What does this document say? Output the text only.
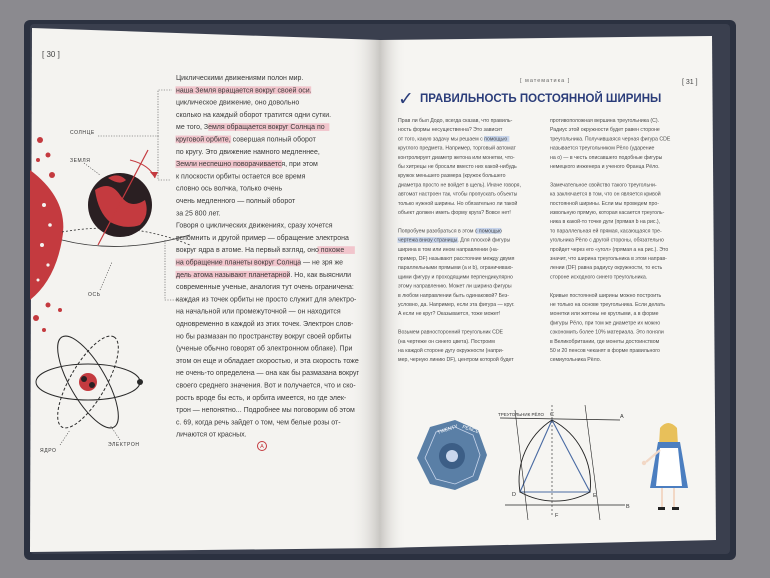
СОЛНЦЕ
ЗЕМЛЯ
ОСЬ
ЯДРО
ЭЛЕКТРОН	A
TWENTY PENCE
ТРЕУГОЛЬНИК РЁЛО	A
B
C
D	E
F
[ 30 ]
[ математика ]	[ 31 ]
✓ ПРАВИЛЬНОСТЬ ПОСТОЯННОЙ ШИРИНЫ
Циклическими движениями полон мир.
наша Земля вращается вокруг своей оси.
циклическое движение, оно довольно
сколько на каждый оборот тратится одни сутки.
ме того, Земля обращается вокруг Солнца по
круговой орбите, совершая полный оборот
по кругу. Это движение намного медленнее,
Земли неспешно поворачивается, при этом
к плоскости орбиты остается все время
словно ось волчка, только очень
очень медленного — полный оборот
за 25 800 лет.
Говоря о циклических движениях, сразу хочется
вспомнить и другой пример — обращение электрона
вокруг ядра в атоме. На первый взгляд, оно похоже
на обращение планеты вокруг Солнца — не зря же
дель атома называют планетарной. Но, как выяснили
современные ученые, аналогия тут очень ограничена:
каждая из точек орбиты не просто служит для электро-
на начальной или промежуточной — он находится
одновременно в каждой из этих точек. Электрон слов-
но бы размазан по пространству вокруг своей орбиты
(ученые обычно говорят об электронном облаке). При
этом он еще и обладает скоростью, и эта скорость тоже
не очень-то определена — она как бы размазана вокруг
своего среднего значения. Вот и получается, что и ско-
рость вроде бы есть, и орбита имеется, но где элек-
трон — непонятно... Подробнее мы поговорим об этом
с. 69, когда речь зайдет о том, чем белые розы от-
личаются от красных.
Прав ли был Додо, всегда сказав, что правиль-
ность формы несущественна? Это зависит
от того, какую задачу мы решаем с помощью
круглого предмета. Например, торговый автомат
контролирует диаметр жетона или монетки, что-
бы хитрецы не бросали вместо них какой-нибудь
кружок меньшего размера (кружок большего
диаметра просто не войдет в щель). Иначе говоря,
автомат настроен так, чтобы пропускать объекты
только нужной ширины. Но обязательно ли такой
объект должен иметь форму круга? Вовсе нет!
Попробуем разобраться в этом с помощью
чертежа внизу страницы. Для плоской фигуры
ширина в том или ином направлении (на-
пример, DF) называют расстояние между двумя
параллельными прямыми (a и b), ограничиваю-
щими фигуру и проходящими перпендикулярно
этому направлению. Может ли ширина фигуры
в любом направлении быть одинаковой? Без-
условно, да. Например, если эта фигура — круг.
А если не круг? Оказывается, тоже может!
Возьмем равносторонний треугольник CDE
(на чертеже он синего цвета). Построим
на каждой стороне дугу окружности (напри-
мер, черную линию DF), центром которой будет
противоположная вершина треугольника (C).
Радиус этой окружности будет равен стороне
треугольника. Получившаяся черная фигура CDE
называется треугольником Рёло (ударение
на о) — в честь описавшего подобные фигуры
немецкого инженера и ученого Франца Рёло.
Замечательное свойство такого треугольни-
ка заключается в том, что он является кривой
постоянной ширины. Если мы проведем про-
извольную прямую, которая касается треуголь-
ника в какой-то точке дуги (прямая b на рис.),
то параллельная ей прямая, касающаяся тре-
угольника Рёло с другой стороны, обязательно
пройдет через его «угол» (прямая a на рис.). Это
значит, что ширина треугольника в этом направ-
лении (DF) равна радиусу окружности, то есть
стороне исходного синего треугольника.
Кривые постоянной ширины можно построить
не только на основе треугольника. Если делать
монетки или жетоны не круглыми, а в форме
фигуры Рёло, при том же диаметре их можно
сэкономить более 10% материала. Это поняли
в Великобритании, где монеты достоинством
50 и 20 пенсов чеканят в форме правильного
семиугольника Рёло.
